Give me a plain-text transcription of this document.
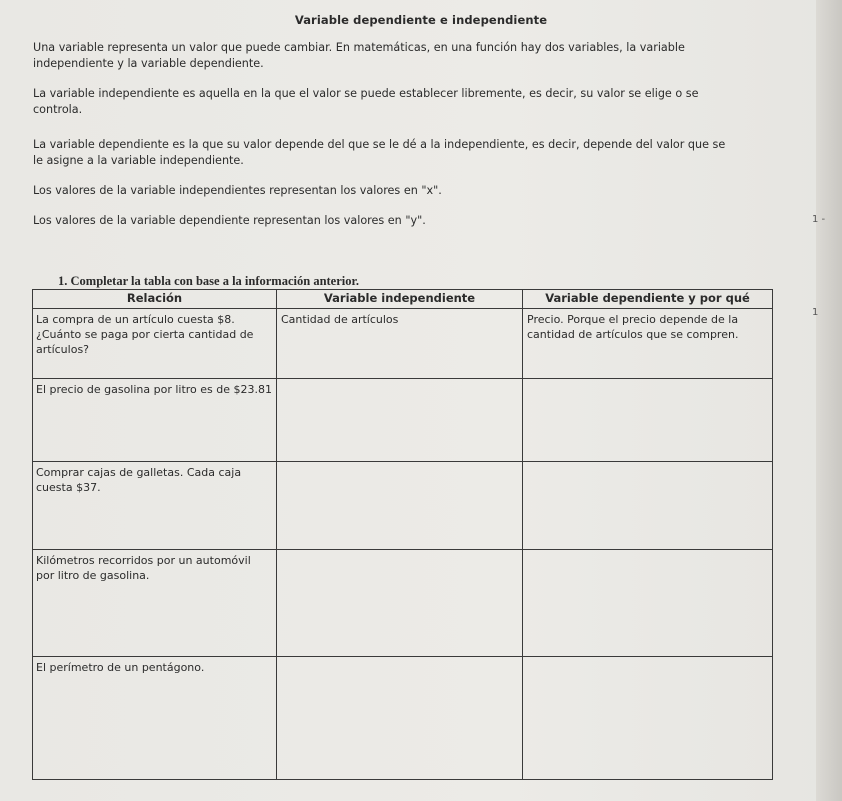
Variable dependiente e independiente

Una variable representa un valor que puede cambiar. En matemáticas, en una función hay dos variables, la variable independiente y la variable dependiente.

La variable independiente es aquella en la que el valor se puede establecer libremente, es decir, su valor se elige o se controla.

La variable dependiente es la que su valor depende del que se le dé a la independiente, es decir, depende del valor que se le asigne a la variable independiente.

Los valores de la variable independientes representan los valores en "x".

Los valores de la variable dependiente representan los valores en "y".	1 -
1
1. Completar la tabla con base a la información anterior.
Relación	Variable independiente	Variable dependiente y por qué
La compra de un artículo cuesta $8. ¿Cuánto se paga por cierta cantidad de artículos?	Cantidad de artículos	Precio. Porque el precio depende de la cantidad de artículos que se compren.
El precio de gasolina por litro es de $23.81		
Comprar cajas de galletas. Cada caja cuesta $37.		
Kilómetros recorridos por un automóvil por litro de gasolina.		
El perímetro de un pentágono.		
